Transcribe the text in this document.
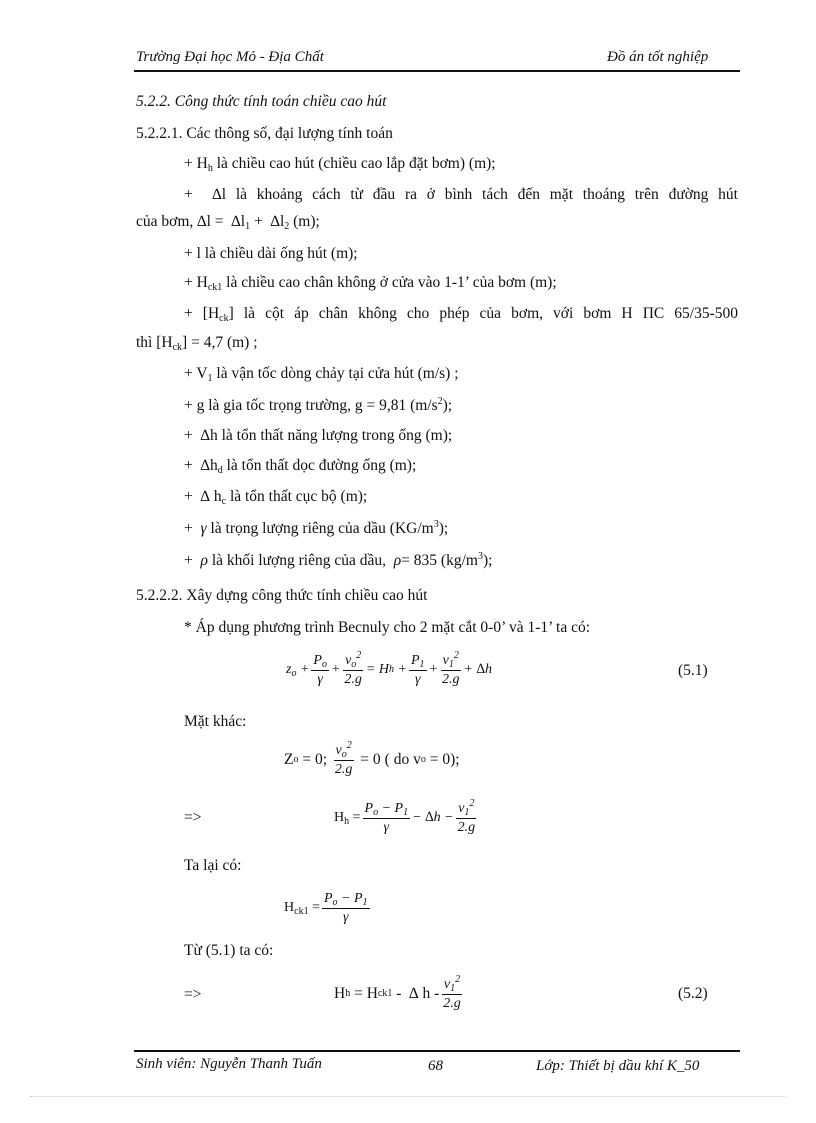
Trường Đại học Mỏ - Địa Chất	Đồ án tốt nghiệp
5.2.2. Công thức tính toán chiều cao hút
5.2.2.1. Các thông số, đại lượng tính toán
+ $H_h$ là chiều cao hút (chiều cao lắp đặt bơm) (m);
+  ∆l là khoảng cách từ đầu ra ở bình tách đến mặt thoáng trên đường hút
của bơm, $\Delta l = \Delta l_1 + \Delta l_2$ (m);
+ l là chiều dài ống hút (m);
+ $H_{ck1}$ là chiều cao chân không ở cửa vào 1-1’ của bơm (m);
+ $[H_{ck}]$ là cột áp chân không cho phép của bơm, với bơm Н ПС 65/35-500
thì $[H_{ck}] = 4,7$ (m) ;
+ $V_1$ là vận tốc dòng chảy tại cửa hút (m/s) ;
+ g là gia tốc trọng trường, g = 9,81 $(m/s^2)$;
+  ∆h là tổn thất năng lượng trong ống (m);
+  $\Delta h_d$ là tổn thất dọc đường ống (m);
+  ∆ $h_c$ là tổn thất cục bộ (m);
+  γ là trọng lượng riêng của dầu $(KG/m^3)$;
+  ρ là khối lượng riêng của dầu, ρ= 835 $(kg/m^3)$;
5.2.2.2. Xây dựng công thức tính chiều cao hút
* Áp dụng phương trình Becnuly cho 2 mặt cắt 0-0’ và 1-1’ ta có:
$z_o + \frac{P_o}{\gamma} + \frac{v_o^2}{2.g} = H$ $h + \frac{P_1}{\gamma} + \frac{v_1^2}{2.g} + \Delta h$	(5.1)
Mặt khác:
Z o = 0; $\frac{v_o^2}{2.g} = 0$ ( do v o = 0);
=>	$H_h = \frac{P_o - P_1}{\gamma} - \Delta h - \frac{v_1^2}{2.g}$
Ta lại có:
$H_{ck1} = \frac{P_o - P_1}{\gamma}$
Từ (5.1) ta có:
=>	H h = H ck1 -  ∆ h - $\frac{v_1^2}{2.g}$	(5.2)
Sinh viên: Nguyễn Thanh Tuấn	68	Lớp: Thiết bị dầu khí K_50
